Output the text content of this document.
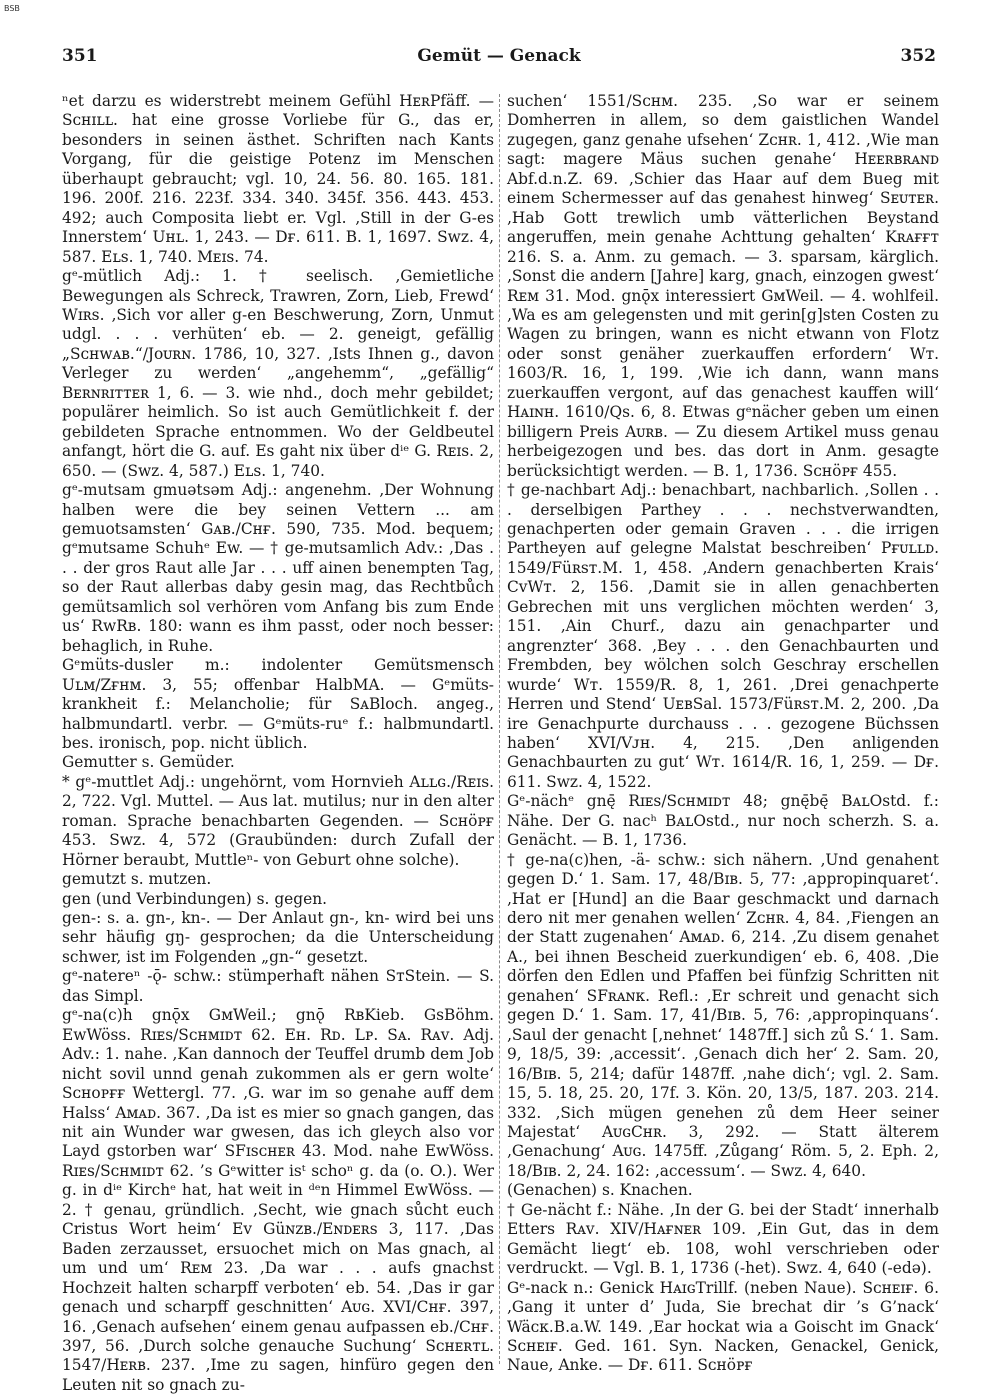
BSB
351	Gemüt — Genack	352

ⁿet darzu es widerstrebt meinem Gefühl HᴇʀPfäff. — Sᴄʜɪʟʟ. hat eine grosse Vorliebe für G., das er, besonders in seinen ästhet. Schriften nach Kants Vorgang, für die geistige Potenz im Menschen überhaupt gebraucht; vgl. 10, 24. 56. 80. 165. 181. 196. 200f. 216. 223f. 334. 340. 345f. 356. 443. 453. 492; auch Composita liebt er. Vgl. ‚Still in der G-es Innerstem‘ Uʜʟ. 1, 243. — Dғ. 611. B. 1, 1697. Swz. 4, 587. Eʟs. 1, 740. Mᴇɪs. 74.

gᵉ-mütlich Adj.: 1. † seelisch. ‚Gemietliche Bewegungen als Schreck, Trawren, Zorn, Lieb, Frewd‘ Wɪʀs. ‚Sich vor aller g-en Beschwerung, Zorn, Unmut udgl. . . . verhüten‘ eb. — 2. geneigt, gefällig „Sᴄʜᴡᴀʙ.“/Jᴏᴜʀɴ. 1786, 10, 327. ‚Ists Ihnen g., davon Verleger zu werden‘ „angehemm“, „gefällig“ Bᴇʀɴʀɪᴛᴛᴇʀ 1, 6. — 3. wie nhd., doch mehr gebildet; populärer heimlich. So ist auch Gemütlichkeit f. der gebildeten Sprache entnommen. Wo der Geldbeutel anfangt, hört die G. auf. Es gaht nix über dⁱᵉ G. Rᴇɪs. 2, 650. — (Swz. 4, 587.) Eʟs. 1, 740.

gᵉ-mutsam gmuətsəm Adj.: angenehm. ‚Der Wohnung halben were die bey seinen Vettern ... am gemuotsamsten‘ Gᴀʙ./Cʜғ. 590, 735. Mod. bequem; gᵉmutsame Schuhᵉ Ew. — † ge-mutsamlich Adv.: ‚Das . . . der gros Raut alle Jar . . . uff ainen benempten Tag, so der Raut allerbas daby gesin mag, das Rechtbůch gemütsamlich sol verhören vom Anfang bis zum Ende us‘ RᴡRʙ. 180: wann es ihm passt, oder noch besser: behaglich, in Ruhe.

Gᵉmüts-dusler m.: indolenter Gemütsmensch Uʟᴍ/Zғʜᴍ. 3, 55; offenbar HalbMA. — Gᵉmüts-krankheit f.: Melancholie; für SᴀBloch. angeg., halbmundartl. verbr. — Gᵉmüts-ruᵉ f.: halbmundartl. bes. ironisch, pop. nicht üblich.

Gemutter s. Gemüder.

* gᵉ-muttlet Adj.: ungehörnt, vom Hornvieh Aʟʟɢ./Rᴇɪs. 2, 722. Vgl. Muttel. — Aus lat. mutilus; nur in den alter roman. Sprache benachbarten Gegenden. — Sᴄʜöᴘғ 453. Swz. 4, 572 (Graubünden: durch Zufall der Hörner beraubt, Muttleⁿ- von Geburt ohne solche).

gemutzt s. mutzen.

gen (und Verbindungen) s. gegen.

gen-: s. a. gn-, kn-. — Der Anlaut gn-, kn- wird bei uns sehr häufig gŋ- gesprochen; da die Unterscheidung schwer, ist im Folgenden „gn-“ gesetzt.

gᵉ-natereⁿ -ǭ- schw.: stümperhaft nähen SᴛStein. — S. das Simpl.

gᵉ-na(c)h gnǭx GᴍWeil.; gnǭ RʙKieb. GsBöhm. EwWöss. Rɪᴇs/Sᴄʜᴍɪᴅᴛ 62. Eʜ. Rᴅ. Lᴘ. Sᴀ. Rᴀᴠ. Adj. Adv.: 1. nahe. ‚Kan dannoch der Teuffel drumb dem Job nicht sovil unnd genah zukommen als er gern wolte‘ Sᴄʜᴏᴘғғ Wettergl. 77. ‚G. war im so genahe auff dem Halss‘ Aᴍᴀᴅ. 367. ‚Da ist es mier so gnach gangen, das nit ain Wunder war gwesen, das ich gleych also vor Layd gstorben war‘ SFɪsᴄʜᴇʀ 43. Mod. nahe EwWöss. Rɪᴇs/Sᴄʜᴍɪᴅᴛ 62. ’s Gᵉwitter isᵗ schoⁿ g. da (o. O.). Wer g. in dⁱᵉ Kirchᵉ hat, hat weit in ᵈᵉn Himmel EwWöss. — 2. † genau, gründlich. ‚Secht, wie gnach sůcht euch Cristus Wort heim‘ Eᴠ Güɴᴢʙ./Eɴᴅᴇʀs 3, 117. ‚Das Baden zerzausset, ersuochet mich on Mas gnach, al um und um‘ Rᴇᴍ 23. ‚Da war . . . aufs gnachst Hochzeit halten scharpff verboten‘ eb. 54. ‚Das ir gar genach und scharpff geschnitten‘ Aᴜɢ. XVI/Cʜғ. 397, 16. ‚Genach aufsehen‘ einem genau aufpassen eb./Cʜғ. 397, 56. ‚Durch solche genauche Suchung‘ Sᴄʜᴇʀᴛʟ. 1547/Hᴇʀʙ. 237. ‚Ime zu sagen, hinfüro gegen den Leuten nit so gnach zu-

suchen‘ 1551/Sᴄʜᴍ. 235. ‚So war er seinem Domherren in allem, so dem gaistlichen Wandel zugegen, ganz genahe ufsehen‘ Zᴄʜʀ. 1, 412. ‚Wie man sagt: magere Mäus suchen genahe‘ Hᴇᴇʀʙʀᴀɴᴅ Abf.d.n.Z. 69. ‚Schier das Haar auf dem Bueg mit einem Schermesser auf das genahest hinweg‘ Sᴇᴜᴛᴇʀ. ‚Hab Gott trewlich umb vätterlichen Beystand angeruffen, mein genahe Achttung gehalten‘ Kʀᴀғғᴛ 216. S. a. Anm. zu gemach. — 3. sparsam, kärglich. ‚Sonst die andern [Jahre] karg, gnach, einzogen gwest‘ Rᴇᴍ 31. Mod. gnǭx interessiert GᴍWeil. — 4. wohlfeil. ‚Wa es am gelegensten und mit gerin[g]sten Costen zu Wagen zu bringen, wann es nicht etwann von Flotz oder sonst genäher zuerkauffen erfordern‘ Wᴛ. 1603/R. 16, 1, 199. ‚Wie ich dann, wann mans zuerkauffen vergont, auf das genachest kauffen will‘ Hᴀɪɴʜ. 1610/Qs. 6, 8. Etwas gᵉnächer geben um einen billigern Preis Aᴜʀʙ. — Zu diesem Artikel muss genau herbeigezogen und bes. das dort in Anm. gesagte berücksichtigt werden. — B. 1, 1736. Sᴄʜöᴘғ 455.

† ge-nachbart Adj.: benachbart, nachbarlich. ‚Sollen . . . derselbigen Parthey . . . nechstverwandten, genachperten oder gemain Graven . . . die irrigen Partheyen auf gelegne Malstat beschreiben‘ Pғᴜʟʟᴅ. 1549/Füʀsᴛ.M. 1, 458. ‚Andern genachberten Krais‘ CᴠWᴛ. 2, 156. ‚Damit sie in allen genachberten Gebrechen mit uns verglichen möchten werden‘ 3, 151. ‚Ain Churf., dazu ain genachparter und angrenzter‘ 368. ‚Bey . . . den Genachbaurten und Frembden, bey wölchen solch Geschray erschellen wurde‘ Wᴛ. 1559/R. 8, 1, 261. ‚Drei genachperte Herren und Stend‘ UᴇʙSal. 1573/Füʀsᴛ.M. 2, 200. ‚Da ire Genachpurte durchauss . . . gezogene Büchssen haben‘ XVI/Vᴊʜ. 4, 215. ‚Den anligenden Genachbaurten zu gut‘ Wᴛ. 1614/R. 16, 1, 259. — Dғ. 611. Swz. 4, 1522.

Gᵉ-nächᵉ gnę̄ Rɪᴇs/Sᴄʜᴍɪᴅᴛ 48; gnę̄bę̄ BᴀʟOstd. f.: Nähe. Der G. nacʰ BᴀʟOstd., nur noch scherzh. S. a. Genächt. — B. 1, 1736.

† ge-na(c)hen, -ä- schw.: sich nähern. ‚Und genahent gegen D.‘ 1. Sam. 17, 48/Bɪʙ. 5, 77: ‚appropinquaret‘. ‚Hat er [Hund] an die Baar geschmackt und darnach dero nit mer genahen wellen‘ Zᴄʜʀ. 4, 84. ‚Fiengen an der Statt zugenahen‘ Aᴍᴀᴅ. 6, 214. ‚Zu disem genahet A., bei ihnen Bescheid zuerkundigen‘ eb. 6, 408. ‚Die dörfen den Edlen und Pfaffen bei fünfzig Schritten nit genahen‘ SFʀᴀɴᴋ. Refl.: ‚Er schreit und genacht sich gegen D.‘ 1. Sam. 17, 41/Bɪʙ. 5, 76: ‚appropinquans‘. ‚Saul der genacht [‚nehnet‘ 1487ff.] sich zů S.‘ 1. Sam. 9, 18/5, 39: ‚accessit‘. ‚Genach dich her‘ 2. Sam. 20, 16/Bɪʙ. 5, 214; dafür 1487ff. ‚nahe dich‘; vgl. 2. Sam. 15, 5. 18, 25. 20, 17f. 3. Kön. 20, 13/5, 187. 203. 214. 332. ‚Sich mügen genehen zů dem Heer seiner Majestat‘ AᴜɢCʜʀ. 3, 292. — Statt älterem ‚Genachung‘ Aᴜɢ. 1475ff. ‚Zůgang‘ Röm. 5, 2. Eph. 2, 18/Bɪʙ. 2, 24. 162: ‚accessum‘. — Swz. 4, 640.

(Genachen) s. Knachen.

† Ge-nächt f.: Nähe. ‚In der G. bei der Stadt‘ innerhalb Etters Rᴀᴠ. XIV/Hᴀғɴᴇʀ 109. ‚Ein Gut, das in dem Gemächt liegt‘ eb. 108, wohl verschrieben oder verdruckt. — Vgl. B. 1, 1736 (-het). Swz. 4, 640 (-edə).

Gᵉ-nack n.: Genick HᴀɪɢTrillf. (neben Naue). Sᴄʜᴇɪғ. 6. ‚Gang it unter d’ Juda, Sie brechat dir ’s G’nack‘ Wäᴄᴋ.B.a.W. 149. ‚Ear hockat wia a Goischt im Gnack‘ Sᴄʜᴇɪғ. Ged. 161. Syn. Nacken, Genackel, Genick, Naue, Anke. — Dғ. 611. Sᴄʜöᴘғ
